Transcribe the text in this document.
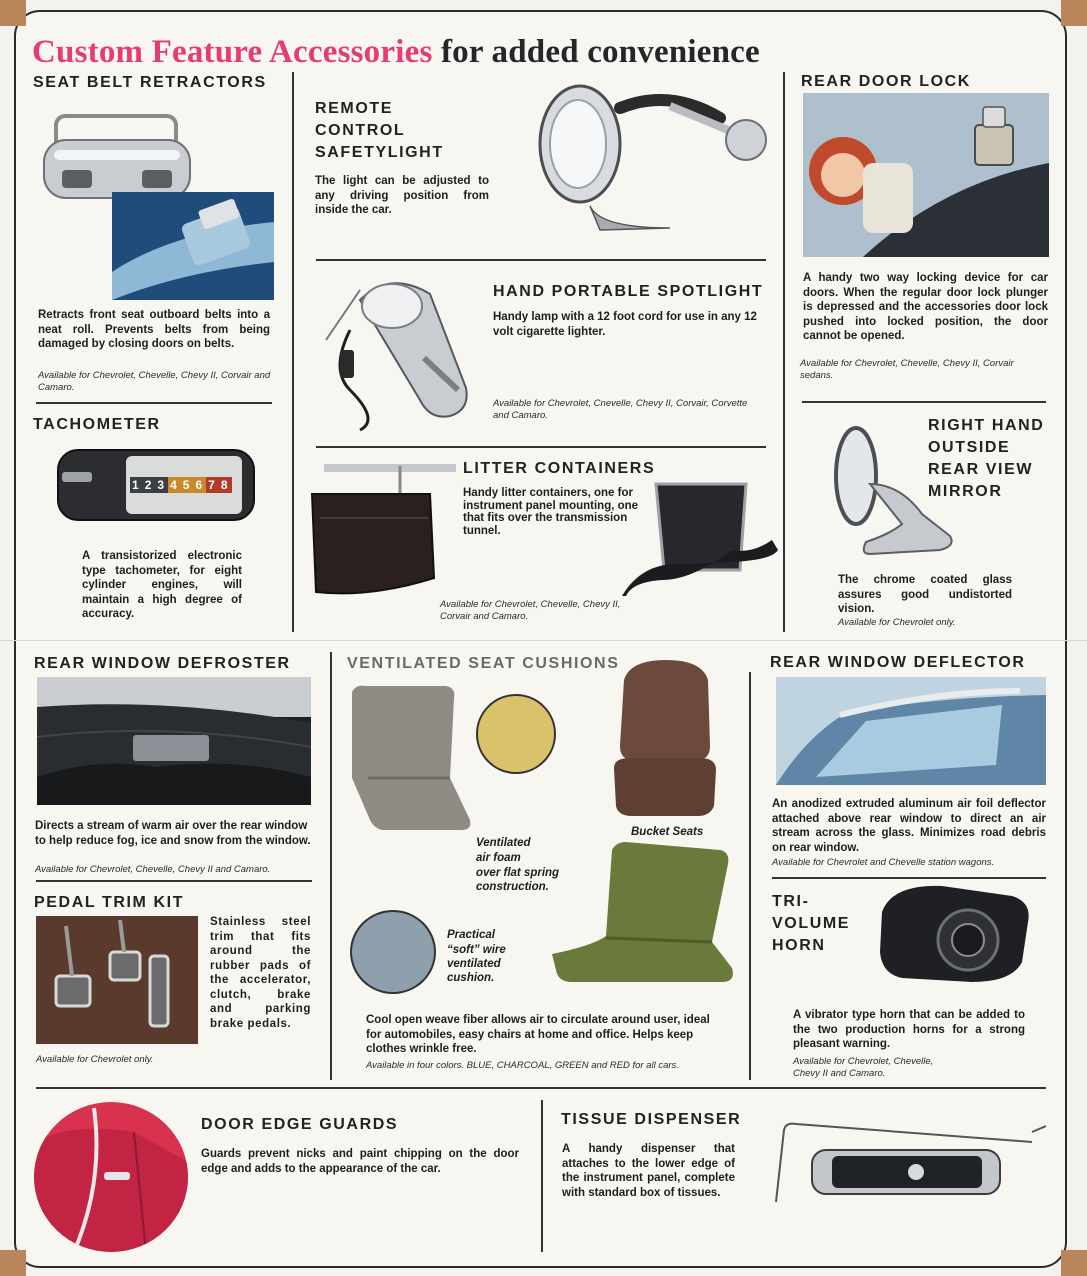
Custom Feature Accessories for added convenience
SEAT BELT RETRACTORS
Retracts front seat outboard belts into a neat roll. Prevents belts from being damaged by closing doors on belts.
Available for Chevrolet, Chevelle, Chevy II, Corvair and Camaro.
REMOTE
CONTROL
SAFETYLIGHT
The light can be adjusted to any driving position from inside the car.
REAR DOOR LOCK
A handy two way locking device for car doors. When the regular door lock plunger is depressed and the accessories door lock pushed into locked position, the door cannot be opened.
Available for Chevrolet, Chevelle, Chevy II, Corvair sedans.
HAND PORTABLE SPOTLIGHT
Handy lamp with a 12 foot cord for use in any 12 volt cigarette lighter.
Available for Chevrolet, Cnevelle, Chevy II, Corvair, Corvette and Camaro.
TACHOMETER
1 2 3 4 5 6 7 8
A transistorized electronic type tachometer, for eight cylinder engines, will maintain a high degree of accuracy.
LITTER CONTAINERS
Handy litter containers, one for instrument panel mounting, one that fits over the transmission tunnel.
Available for Chevrolet, Chevelle, Chevy II, Corvair and Camaro.
RIGHT HAND
OUTSIDE
REAR VIEW
MIRROR
The chrome coated glass assures good undistorted vision.
Available for Chevrolet only.
REAR WINDOW DEFROSTER
Directs a stream of warm air over the rear window to help reduce fog, ice and snow from the window.
Available for Chevrolet, Chevelle, Chevy II and Camaro.
VENTILATED SEAT CUSHIONS
Ventilated
air foam
over flat spring
construction.
Bucket Seats
Practical
“soft” wire
ventilated
cushion.
Cool open weave fiber allows air to circulate around user, ideal for automobiles, easy chairs at home and office. Helps keep clothes wrinkle free.
Available in four colors. BLUE, CHARCOAL, GREEN and RED for all cars.
REAR WINDOW DEFLECTOR
An anodized extruded aluminum air foil deflector attached above rear window to direct an air stream across the glass. Minimizes road debris on rear window.
Available for Chevrolet and Chevelle station wagons.
PEDAL TRIM KIT
Stainless steel trim that fits around the rubber pads of the accelerator, clutch, brake and parking brake pedals.
Available for Chevrolet only.
TRI-
VOLUME
HORN
A vibrator type horn that can be added to the two production horns for a strong pleasant warning.
Available for Chevrolet, Chevelle, Chevy II and Camaro.
DOOR EDGE GUARDS
Guards prevent nicks and paint chipping on the door edge and adds to the appearance of the car.
TISSUE DISPENSER
A handy dispenser that attaches to the lower edge of the instrument panel, complete with standard box of tissues.
